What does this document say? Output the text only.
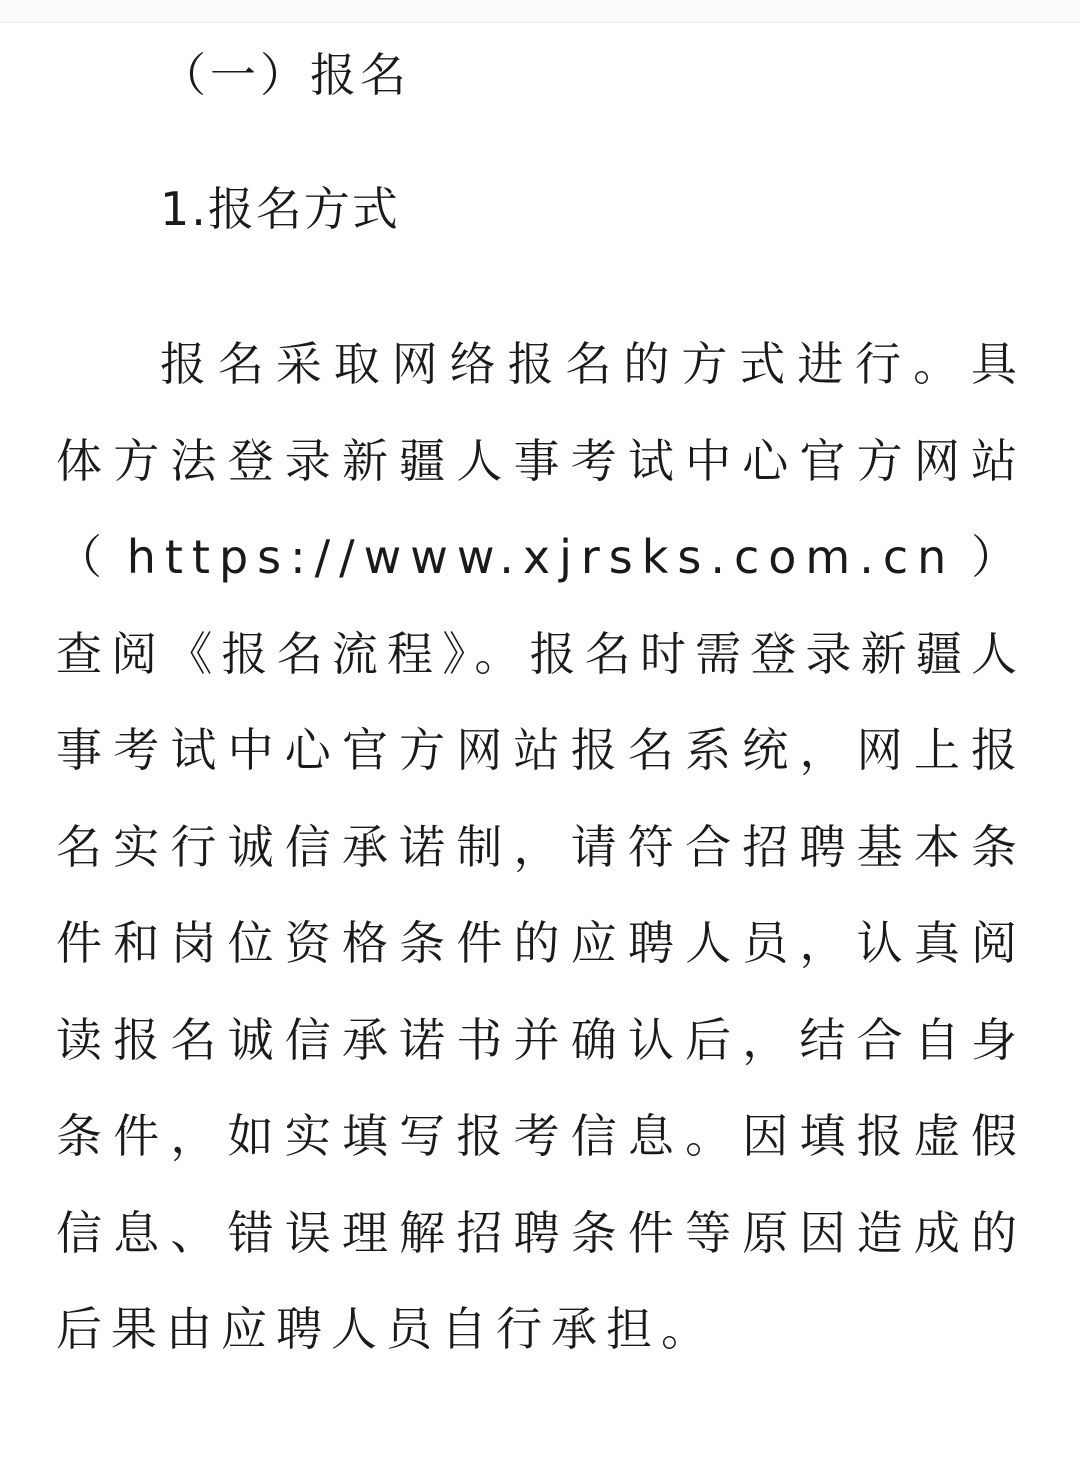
（一）报名
1.报名方式

报名采取网络报名的方式进行。具体方法登录新疆人事考试中心官方网站（https://www.xjrsks.com.cn）查阅《报名流程》。报名时需登录新疆人事考试中心官方网站报名系统，网上报名实行诚信承诺制，请符合招聘基本条件和岗位资格条件的应聘人员，认真阅读报名诚信承诺书并确认后，结合自身条件，如实填写报考信息。因填报虚假信息、错误理解招聘条件等原因造成的后果由应聘人员自行承担。
